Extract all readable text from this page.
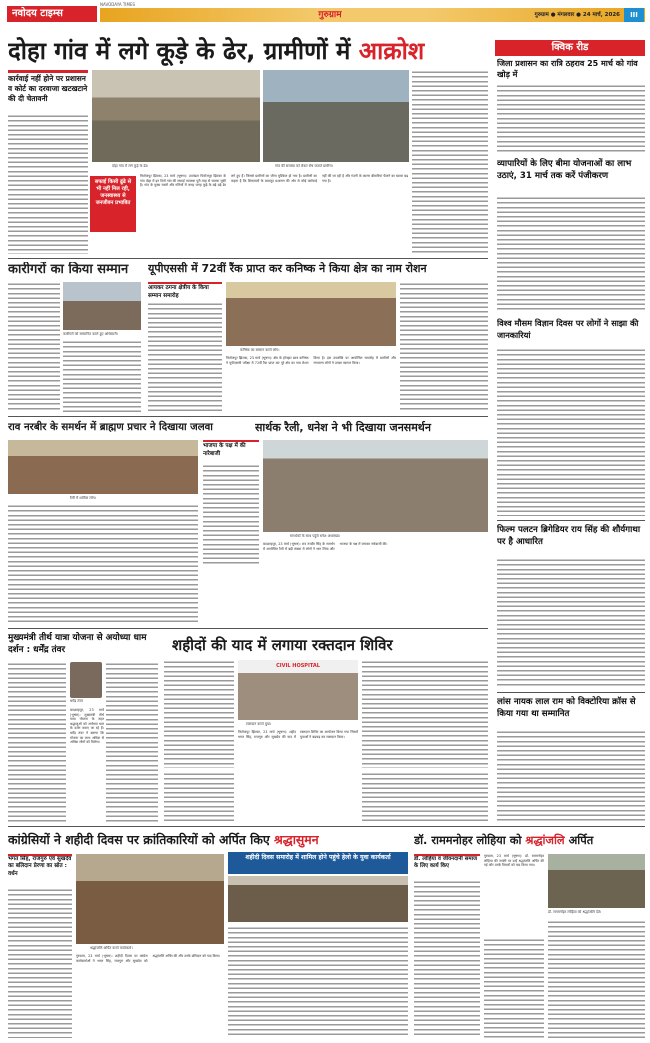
नवोदय टाइम्स
NAVODAYA TIMES
गुरुग्राम	गुरुग्राम ● मंगलवार ● 24 मार्च, 2026	III
दोहा गांव में लगे कूड़े के ढेर, ग्रामीणों में आक्रोश
कार्रवाई नहीं होने पर प्रशासन व कोर्ट का दरवाजा खटखटाने की दी चेतावनी
दोहा गांव में लगे कूड़े के ढेर।	गांव की समस्या को लेकर रोष जताते ग्रामीण।
सफाई किसी ढूंढे से भी नहीं मिल रही, जनस्वास्थ्य से जनजीवन प्रभावित
फिरोजपुर झिरका, 23 मार्च (भूषण): उपमंडल फिरोजपुर झिरका के गांव दोहा में इन दिनों गांव की सफाई व्यवस्था पूरी तरह से चरमरा चुकी है। गांव के मुख्य रास्तों और गलियों में जगह जगह कूड़े के बड़े बड़े ढेर लगे हुए हैं। जिससे ग्रामीणों का जीना मुश्किल हो गया है। ग्रामीणों का कहना है कि शिकायतों के बावजूद प्रशासन की ओर से कोई कार्रवाई नहीं की जा रही है और गंदगी के कारण बीमारियां फैलने का खतरा बढ़ गया है।
क्विक रीड
जिला प्रशासन का रात्रि ठहराव 25 मार्च को गांव खोड़ में
व्यापारियों के लिए बीमा योजनाओं का लाभ उठाएं, 31 मार्च तक करें पंजीकरण
विश्व मौसम विज्ञान दिवस पर लोगों ने साझा की जानकारियां
कारीगरों का किया सम्मान
कारीगरों को सम्मानित करते हुए अधिकारी।
यूपीएससी में 72वीं रैंक प्राप्त कर कनिष्क ने किया क्षेत्र का नाम रोशन
आयकर ठगना क्षेत्रीय के किया सम्मान समारोह
कनिष्क का सम्मान करते लोग।
फिरोजपुर झिरका, 23 मार्च (भूषण): क्षेत्र के होनहार छात्र कनिष्क ने यूपीएससी परीक्षा में 72वीं रैंक प्राप्त कर पूरे क्षेत्र का नाम रोशन किया है। इस उपलब्धि पर आयोजित समारोह में ग्रामीणों और गणमान्य लोगों ने उनका स्वागत किया।
राव नरबीर के समर्थन में ब्राह्मण प्रचार ने दिखाया जलवा	सार्थक रैली, धनेश ने भी दिखाया जनसमर्थन
रैली में शामिल लोग।
भाजपा के पक्ष में की नारेबाजी
समर्थकों के साथ पहुंचे धनेश अधलखा।
बादशाहपुर, 23 मार्च (भूषण): राव नरबीर सिंह के समर्थन में आयोजित रैली में बड़ी संख्या में लोगों ने भाग लिया और भाजपा के पक्ष में जमकर नारेबाजी की।
फिल्म पलटन ब्रिगेडियर राय सिंह की शौर्यगाथा पर है आधारित
लांस नायक लाल राम को विक्टोरिया क्रॉस से किया गया था सम्मानित
मुख्यमंत्री तीर्थ यात्रा योजना से अयोध्या धाम दर्शन : धर्मेंद्र तंवर
धर्मेंद्र तंवर
बादशाहपुर, 23 मार्च (भूषण): मुख्यमंत्री तीर्थ यात्रा योजना के तहत श्रद्धालुओं को अयोध्या धाम के दर्शन कराए जा रहे हैं। धर्मेंद्र तंवर ने बताया कि योजना का लाभ अधिक से अधिक लोगों को मिलेगा।
शहीदों की याद में लगाया रक्तदान शिविर
CIVIL HOSPITAL
रक्तदान करते युवा।
फिरोजपुर झिरका, 23 मार्च (भूषण): शहीद भगत सिंह, राजगुरु और सुखदेव की याद में रक्तदान शिविर का आयोजन किया गया जिसमें युवाओं ने बढ़चढ़ कर रक्तदान किया।
कांग्रेसियों ने शहीदी दिवस पर क्रांतिकारियों को अर्पित किए श्रद्धासुमन
भगत सिंह, राजगुरु एवं सुखदेव का बलिदान प्रेरणा का स्रोत : वर्धन
श्रद्धांजलि अर्पित करते कार्यकर्ता।
गुरुग्राम, 23 मार्च (भूषण): शहीदी दिवस पर कांग्रेस कार्यकर्ताओं ने भगत सिंह, राजगुरु और सुखदेव को श्रद्धांजलि अर्पित की और उनके बलिदान को याद किया।
शहीदी दिवस समारोह में शामिल होने पहुंचे हेलो के युवा कार्यकर्ता
डॉ. राममनोहर लोहिया को श्रद्धांजलि अर्पित
डॉ. लोहिया व जीवनदानी समाज के लिए कार्य किए
गुरुग्राम, 23 मार्च (भूषण): डॉ. राममनोहर लोहिया की जयंती पर उन्हें श्रद्धांजलि अर्पित की गई और उनके विचारों को याद किया गया।
डॉ. राममनोहर लोहिया को श्रद्धांजलि देते।
